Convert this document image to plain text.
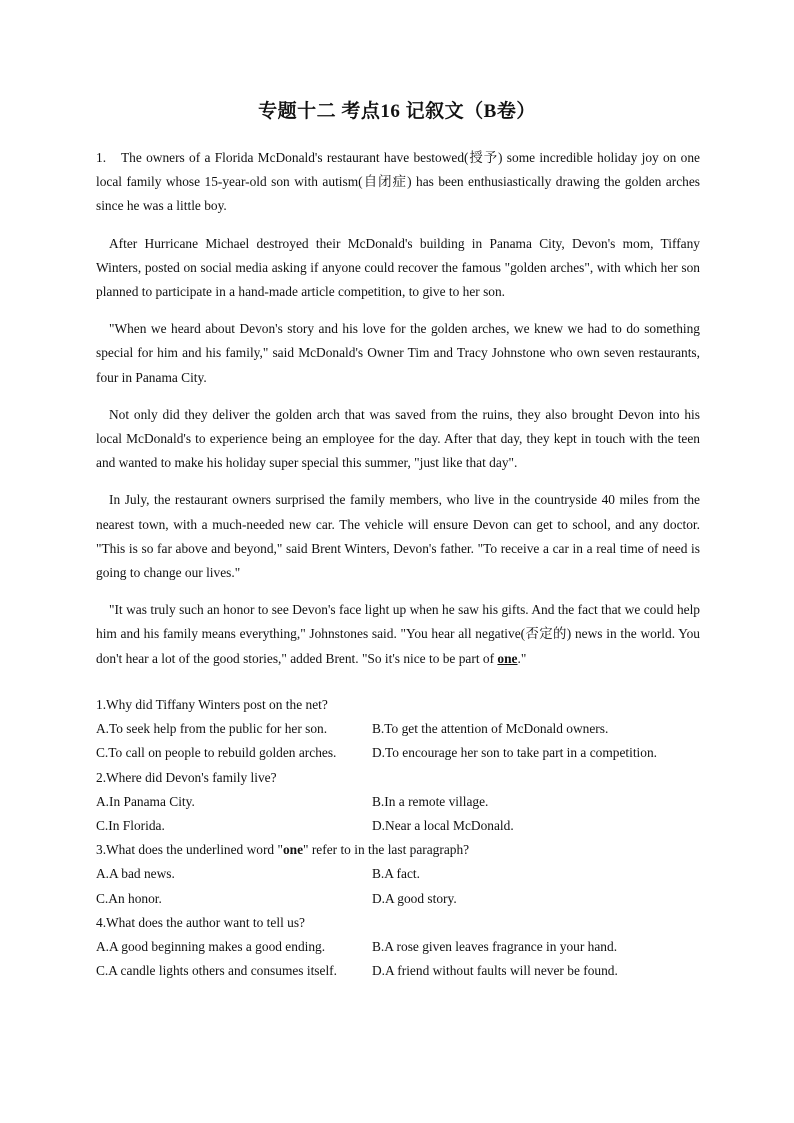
专题十二 考点16 记叙文（B卷）

1. The owners of a Florida McDonald's restaurant have bestowed(授予) some incredible holiday joy on one local family whose 15-year-old son with autism(自闭症) has been enthusiastically drawing the golden arches since he was a little boy.

After Hurricane Michael destroyed their McDonald's building in Panama City, Devon's mom, Tiffany Winters, posted on social media asking if anyone could recover the famous "golden arches", with which her son planned to participate in a hand-made article competition, to give to her son.

"When we heard about Devon's story and his love for the golden arches, we knew we had to do something special for him and his family," said McDonald's Owner Tim and Tracy Johnstone who own seven restaurants, four in Panama City.

Not only did they deliver the golden arch that was saved from the ruins, they also brought Devon into his local McDonald's to experience being an employee for the day. After that day, they kept in touch with the teen and wanted to make his holiday super special this summer, "just like that day".

In July, the restaurant owners surprised the family members, who live in the countryside 40 miles from the nearest town, with a much-needed new car. The vehicle will ensure Devon can get to school, and any doctor. "This is so far above and beyond," said Brent Winters, Devon's father. "To receive a car in a real time of need is going to change our lives."

"It was truly such an honor to see Devon's face light up when he saw his gifts. And the fact that we could help him and his family means everything," Johnstones said. "You hear all negative(否定的) news in the world. You don't hear a lot of the good stories," added Brent. "So it's nice to be part of one."

1.Why did Tiffany Winters post on the net?
A.To seek help from the public for her son.	B.To get the attention of McDonald owners.
C.To call on people to rebuild golden arches.	D.To encourage her son to take part in a competition.
2.Where did Devon's family live?
A.In Panama City.	B.In a remote village.
C.In Florida.	D.Near a local McDonald.
3.What does the underlined word "one" refer to in the last paragraph?
A.A bad news.	B.A fact.
C.An honor.	D.A good story.
4.What does the author want to tell us?
A.A good beginning makes a good ending.	B.A rose given leaves fragrance in your hand.
C.A candle lights others and consumes itself.	D.A friend without faults will never be found.
